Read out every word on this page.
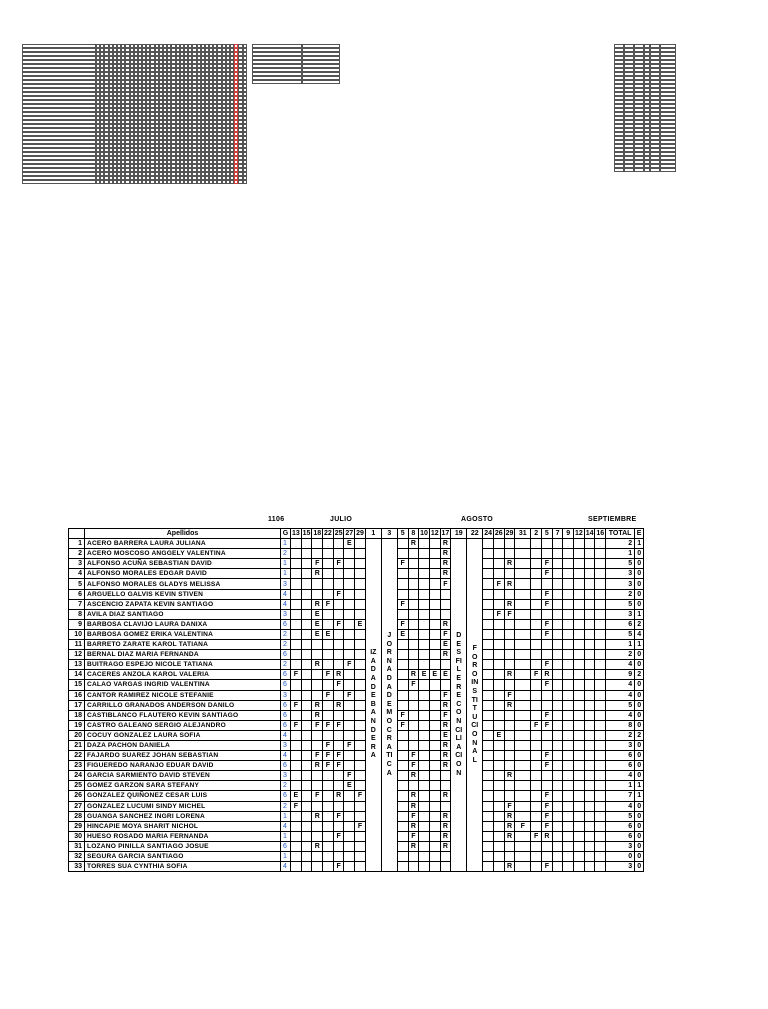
1106	JULIO	AGOSTO	SEPTIEMBRE
	Apellidos	G	13	15	18	22	25	27	29	1	3	5	8	10	12	17	19	22	24	26	29	31	2	5	7	9	12	14	16	TOTAL	E
1	ACERO BARRERA LAURA JULIANA	1						E		IZADA DE BANDERA	JORNADA DEMOCRATICA		R			R	DESFILE RECONCILIACION	FORO INSTITUCIONAL												2	1
2	ACERO MOSCOSO ANGGELY VALENTINA	2														R														1	0
3	ALFONSO ACUÑA SEBASTIAN DAVID	1			F		F					F				R					R			F						5	0
4	ALFONSO MORALES EDGAR DAVID	1			R											R								F						3	0
5	ALFONSO MORALES GLADYS MELISSA	3														F				F	R									3	0
6	ARGUELLO GALVIS KEVIN STIVEN	4					F																	F						2	0
7	ASCENCIO ZAPATA KEVIN SANTIAGO	4			R	F						F									R			F						5	0
8	AVILA DIAZ SANTIAGO	3			E															F	F									3	1
9	BARBOSA CLAVIJO LAURA DANIXA	6			E		F		E			F				R								F						6	2
10	BARBOSA GOMEZ ERIKA VALENTINA	2			E	E						E				F								F						5	4
11	BARRETO ZARATE KAROL TATIANA	2														E														1	1
12	BERNAL DIAZ MARIA FERNANDA	6														R														2	0
13	BUITRAGO ESPEJO NICOLE TATIANA	2			R			F																F						4	0
14	CACERES ANZOLA KAROL VALERIA	6	F			F	R						R	E	E	E					R		F	R						9	2
15	CALAO VARGAS INGRID VALENTINA	6					F						F											F						4	0
16	CANTOR RAMIREZ NICOLE STEFANIE	3				F		F								F					F									4	0
17	CARRILLO GRANADOS ANDERSON DANILO	6	F		R		R									R					R									5	0
18	CASTIBLANCO FLAUTERO KEVIN SANTIAGO	6			R							F				F								F						4	0
19	CASTRO GALEANO SERGIO ALEJANDRO	6	F		F	F	F					F				R							F	F						8	0
20	COCUY GONZALEZ LAURA SOFIA	4														E				E										2	2
21	DAZA PACHON DANIELA	3				F		F								R														3	0
22	FAJARDO SUAREZ JOHAN SEBASTIAN	4			F	F	F						F			R								F						6	0
23	FIGUEREDO NARANJO EDUAR DAVID	6			R	F	F						F			R								F						6	0
24	GARCIA SARMIENTO DAVID STEVEN	3						F					R								R									4	0
25	GOMEZ GARZON SARA STEFANY	2						E																						1	1
26	GONZALEZ QUIÑONEZ CESAR LUIS	6	E		F		R		F				R			R								F						7	1
27	GONZALEZ LUCUMI SINDY MICHEL	2	F										R								F			F						4	0
28	GUANGA SANCHEZ INGRI LORENA	1			R		F						F			R					R			F						5	0
29	HINCAPIE MOYA SHARIT NICHOL	4							F				R			R					R	F		F						6	0
30	HUESO ROSADO MARIA FERNANDA	1					F						F			R					R		F	R						6	0
31	LOZANO PINILLA SANTIAGO JOSUE	6			R								R			R														3	0
32	SEGURA GARCIA SANTIAGO	1																												0	0
33	TORRES SUA CYNTHIA SOFIA	4					F														R			F						3	0
